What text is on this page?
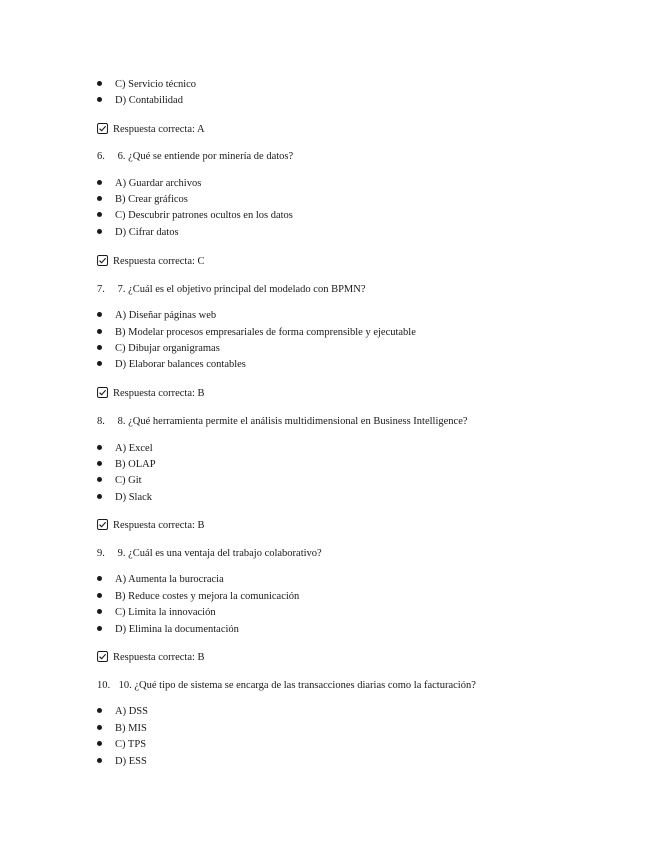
C) Servicio técnico
D) Contabilidad
Respuesta correcta: A
6. 6. ¿Qué se entiende por minería de datos?
A) Guardar archivos
B) Crear gráficos
C) Descubrir patrones ocultos en los datos
D) Cifrar datos
Respuesta correcta: C
7. 7. ¿Cuál es el objetivo principal del modelado con BPMN?
A) Diseñar páginas web
B) Modelar procesos empresariales de forma comprensible y ejecutable
C) Dibujar organigramas
D) Elaborar balances contables
Respuesta correcta: B
8. 8. ¿Qué herramienta permite el análisis multidimensional en Business Intelligence?
A) Excel
B) OLAP
C) Git
D) Slack
Respuesta correcta: B
9. 9. ¿Cuál es una ventaja del trabajo colaborativo?
A) Aumenta la burocracia
B) Reduce costes y mejora la comunicación
C) Limita la innovación
D) Elimina la documentación
Respuesta correcta: B
10. 10. ¿Qué tipo de sistema se encarga de las transacciones diarias como la facturación?
A) DSS
B) MIS
C) TPS
D) ESS
